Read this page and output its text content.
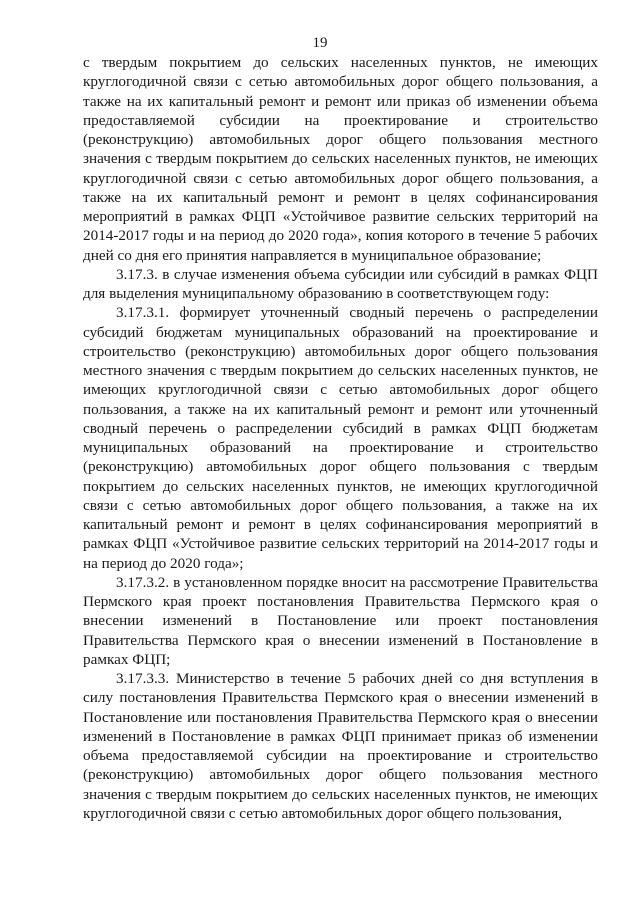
19

с твердым покрытием до сельских населенных пунктов, не имеющих круглогодичной связи с сетью автомобильных дорог общего пользования, а также на их капитальный ремонт и ремонт или приказ об изменении объема предоставляемой субсидии на проектирование и строительство (реконструкцию) автомобильных дорог общего пользования местного значения с твердым покрытием до сельских населенных пунктов, не имеющих круглогодичной связи с сетью автомобильных дорог общего пользования, а также на их капитальный ремонт и ремонт в целях софинансирования мероприятий в рамках ФЦП «Устойчивое развитие сельских территорий на 2014-2017 годы и на период до 2020 года», копия которого в течение 5 рабочих дней со дня его принятия направляется в муниципальное образование;

3.17.3. в случае изменения объема субсидии или субсидий в рамках ФЦП для выделения муниципальному образованию в соответствующем году:

3.17.3.1. формирует уточненный сводный перечень о распределении субсидий бюджетам муниципальных образований на проектирование и строительство (реконструкцию) автомобильных дорог общего пользования местного значения с твердым покрытием до сельских населенных пунктов, не имеющих круглогодичной связи с сетью автомобильных дорог общего пользования, а также на их капитальный ремонт и ремонт или уточненный сводный перечень о распределении субсидий в рамках ФЦП бюджетам муниципальных образований на проектирование и строительство (реконструкцию) автомобильных дорог общего пользования с твердым покрытием до сельских населенных пунктов, не имеющих круглогодичной связи с сетью автомобильных дорог общего пользования, а также на их капитальный ремонт и ремонт в целях софинансирования мероприятий в рамках ФЦП «Устойчивое развитие сельских территорий на 2014-2017 годы и на период до 2020 года»;

3.17.3.2. в установленном порядке вносит на рассмотрение Правительства Пермского края проект постановления Правительства Пермского края о внесении изменений в Постановление или проект постановления Правительства Пермского края о внесении изменений в Постановление в рамках ФЦП;

3.17.3.3. Министерство в течение 5 рабочих дней со дня вступления в силу постановления Правительства Пермского края о внесении изменений в Постановление или постановления Правительства Пермского края о внесении изменений в Постановление в рамках ФЦП принимает приказ об изменении объема предоставляемой субсидии на проектирование и строительство (реконструкцию) автомобильных дорог общего пользования местного значения с твердым покрытием до сельских населенных пунктов, не имеющих круглогодичной связи с сетью автомобильных дорог общего пользования,
